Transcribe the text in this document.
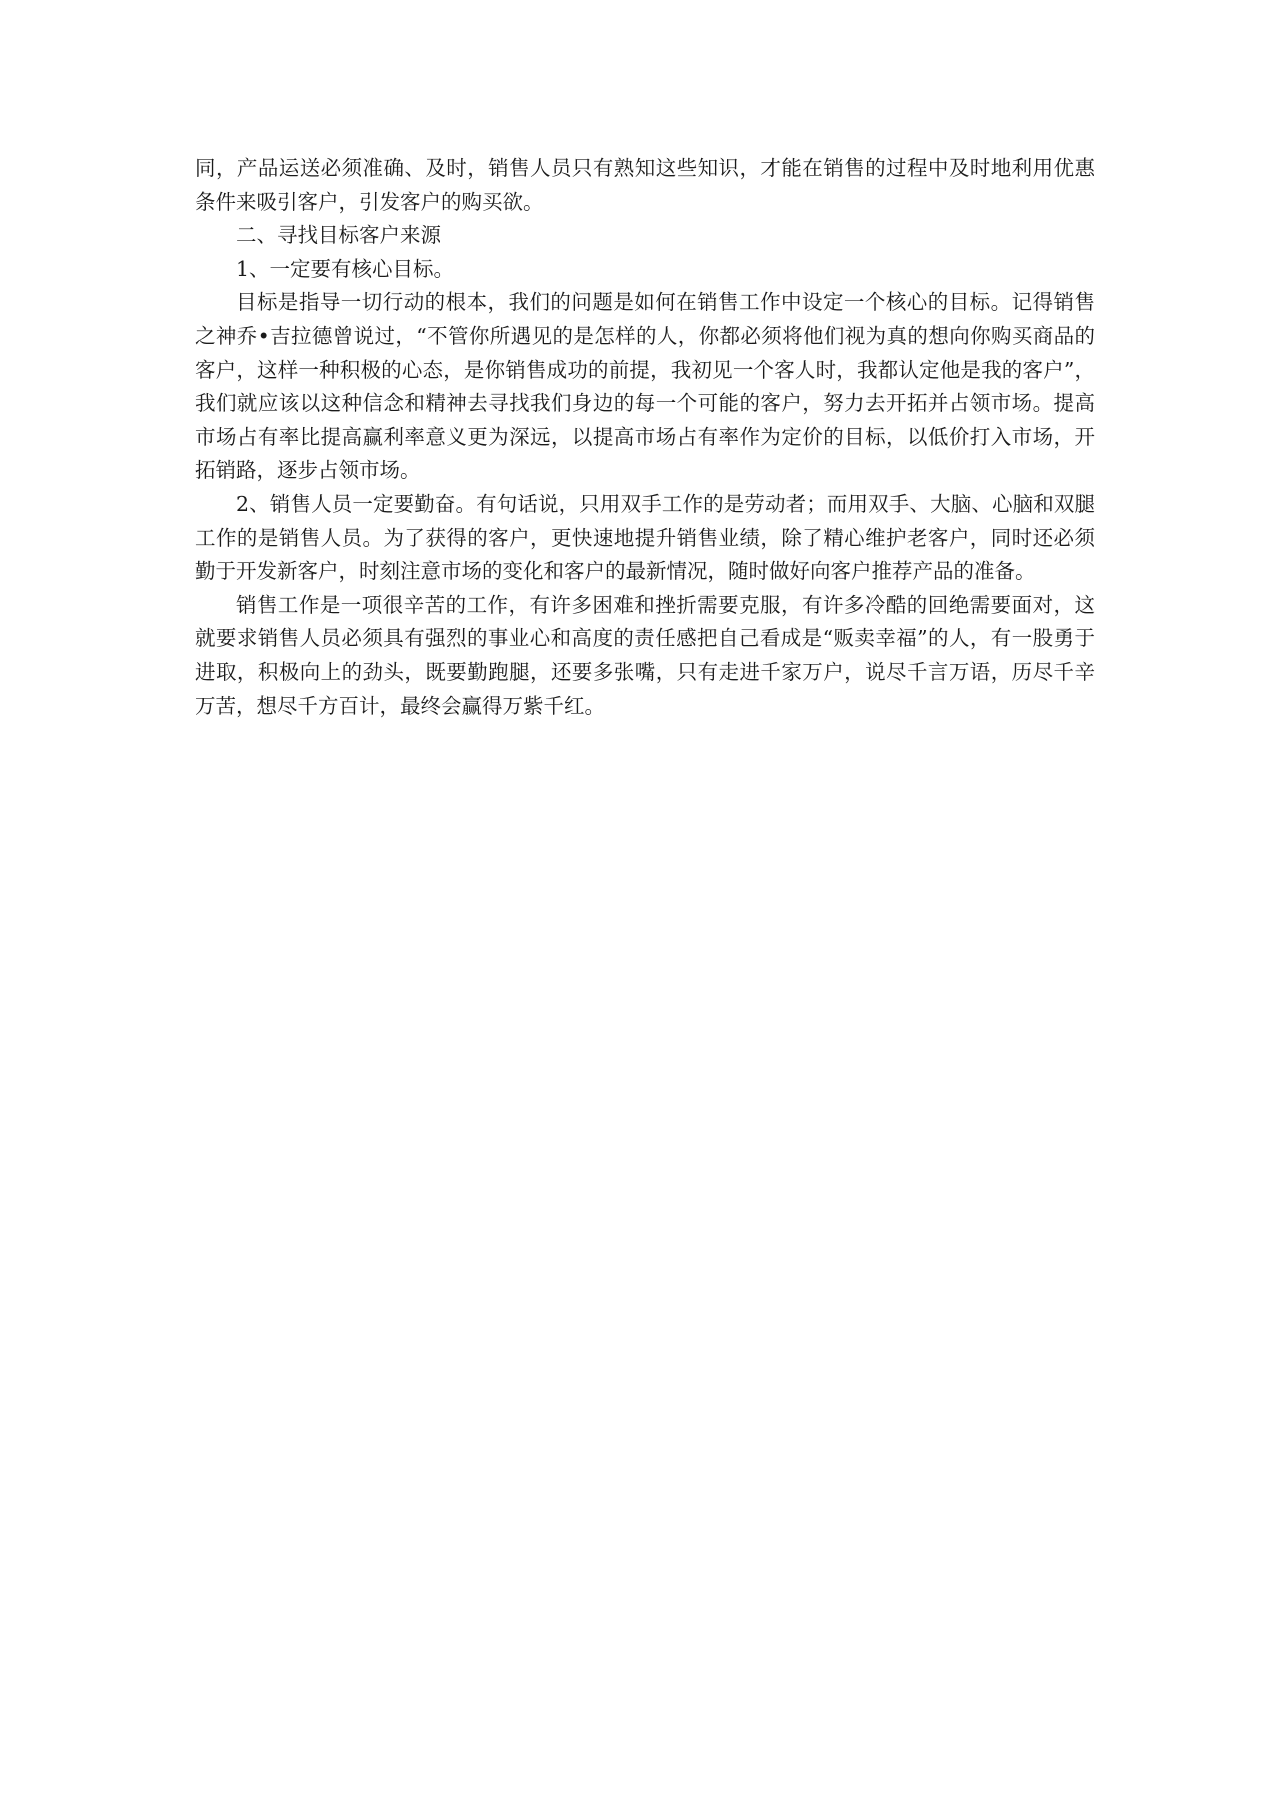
同，产品运送必须准确、及时，销售人员只有熟知这些知识，才能在销售的过程中及时地利用优惠条件来吸引客户，引发客户的购买欲。

二、寻找目标客户来源

1、一定要有核心目标。

目标是指导一切行动的根本，我们的问题是如何在销售工作中设定一个核心的目标。记得销售之神乔•吉拉德曾说过，“不管你所遇见的是怎样的人，你都必须将他们视为真的想向你购买商品的客户，这样一种积极的心态，是你销售成功的前提，我初见一个客人时，我都认定他是我的客户”，我们就应该以这种信念和精神去寻找我们身边的每一个可能的客户，努力去开拓并占领市场。提高市场占有率比提高赢利率意义更为深远，以提高市场占有率作为定价的目标，以低价打入市场，开拓销路，逐步占领市场。

2、销售人员一定要勤奋。有句话说，只用双手工作的是劳动者；而用双手、大脑、心脑和双腿工作的是销售人员。为了获得的客户，更快速地提升销售业绩，除了精心维护老客户，同时还必须勤于开发新客户，时刻注意市场的变化和客户的最新情况，随时做好向客户推荐产品的准备。

销售工作是一项很辛苦的工作，有许多困难和挫折需要克服，有许多冷酷的回绝需要面对，这就要求销售人员必须具有强烈的事业心和高度的责任感把自己看成是“贩卖幸福”的人，有一股勇于进取，积极向上的劲头，既要勤跑腿，还要多张嘴，只有走进千家万户，说尽千言万语，历尽千辛万苦，想尽千方百计，最终会赢得万紫千红。
